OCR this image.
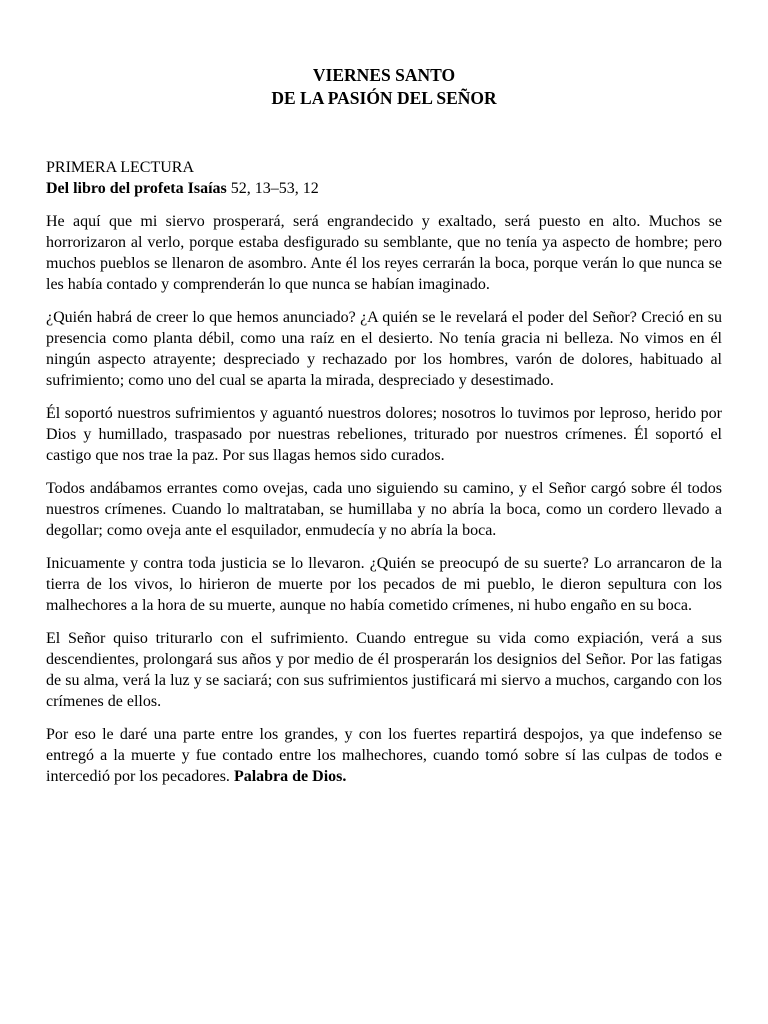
VIERNES SANTO
DE LA PASIÓN DEL SEÑOR
PRIMERA LECTURA
Del libro del profeta Isaías 52, 13–53, 12

He aquí que mi siervo prosperará, será engrandecido y exaltado, será puesto en alto. Muchos se horrorizaron al verlo, porque estaba desfigurado su semblante, que no tenía ya aspecto de hombre; pero muchos pueblos se llenaron de asombro. Ante él los reyes cerrarán la boca, porque verán lo que nunca se les había contado y comprenderán lo que nunca se habían imaginado.

¿Quién habrá de creer lo que hemos anunciado? ¿A quién se le revelará el poder del Señor? Creció en su presencia como planta débil, como una raíz en el desierto. No tenía gracia ni belleza. No vimos en él ningún aspecto atrayente; despreciado y rechazado por los hombres, varón de dolores, habituado al sufrimiento; como uno del cual se aparta la mirada, despreciado y desestimado.

Él soportó nuestros sufrimientos y aguantó nuestros dolores; nosotros lo tuvimos por leproso, herido por Dios y humillado, traspasado por nuestras rebeliones, triturado por nuestros crímenes. Él soportó el castigo que nos trae la paz. Por sus llagas hemos sido curados.

Todos andábamos errantes como ovejas, cada uno siguiendo su camino, y el Señor cargó sobre él todos nuestros crímenes. Cuando lo maltrataban, se humillaba y no abría la boca, como un cordero llevado a degollar; como oveja ante el esquilador, enmudecía y no abría la boca.

Inicuamente y contra toda justicia se lo llevaron. ¿Quién se preocupó de su suerte? Lo arrancaron de la tierra de los vivos, lo hirieron de muerte por los pecados de mi pueblo, le dieron sepultura con los malhechores a la hora de su muerte, aunque no había cometido crímenes, ni hubo engaño en su boca.

El Señor quiso triturarlo con el sufrimiento. Cuando entregue su vida como expiación, verá a sus descendientes, prolongará sus años y por medio de él prosperarán los designios del Señor. Por las fatigas de su alma, verá la luz y se saciará; con sus sufrimientos justificará mi siervo a muchos, cargando con los crímenes de ellos.

Por eso le daré una parte entre los grandes, y con los fuertes repartirá despojos, ya que indefenso se entregó a la muerte y fue contado entre los malhechores, cuando tomó sobre sí las culpas de todos e intercedió por los pecadores. Palabra de Dios.
